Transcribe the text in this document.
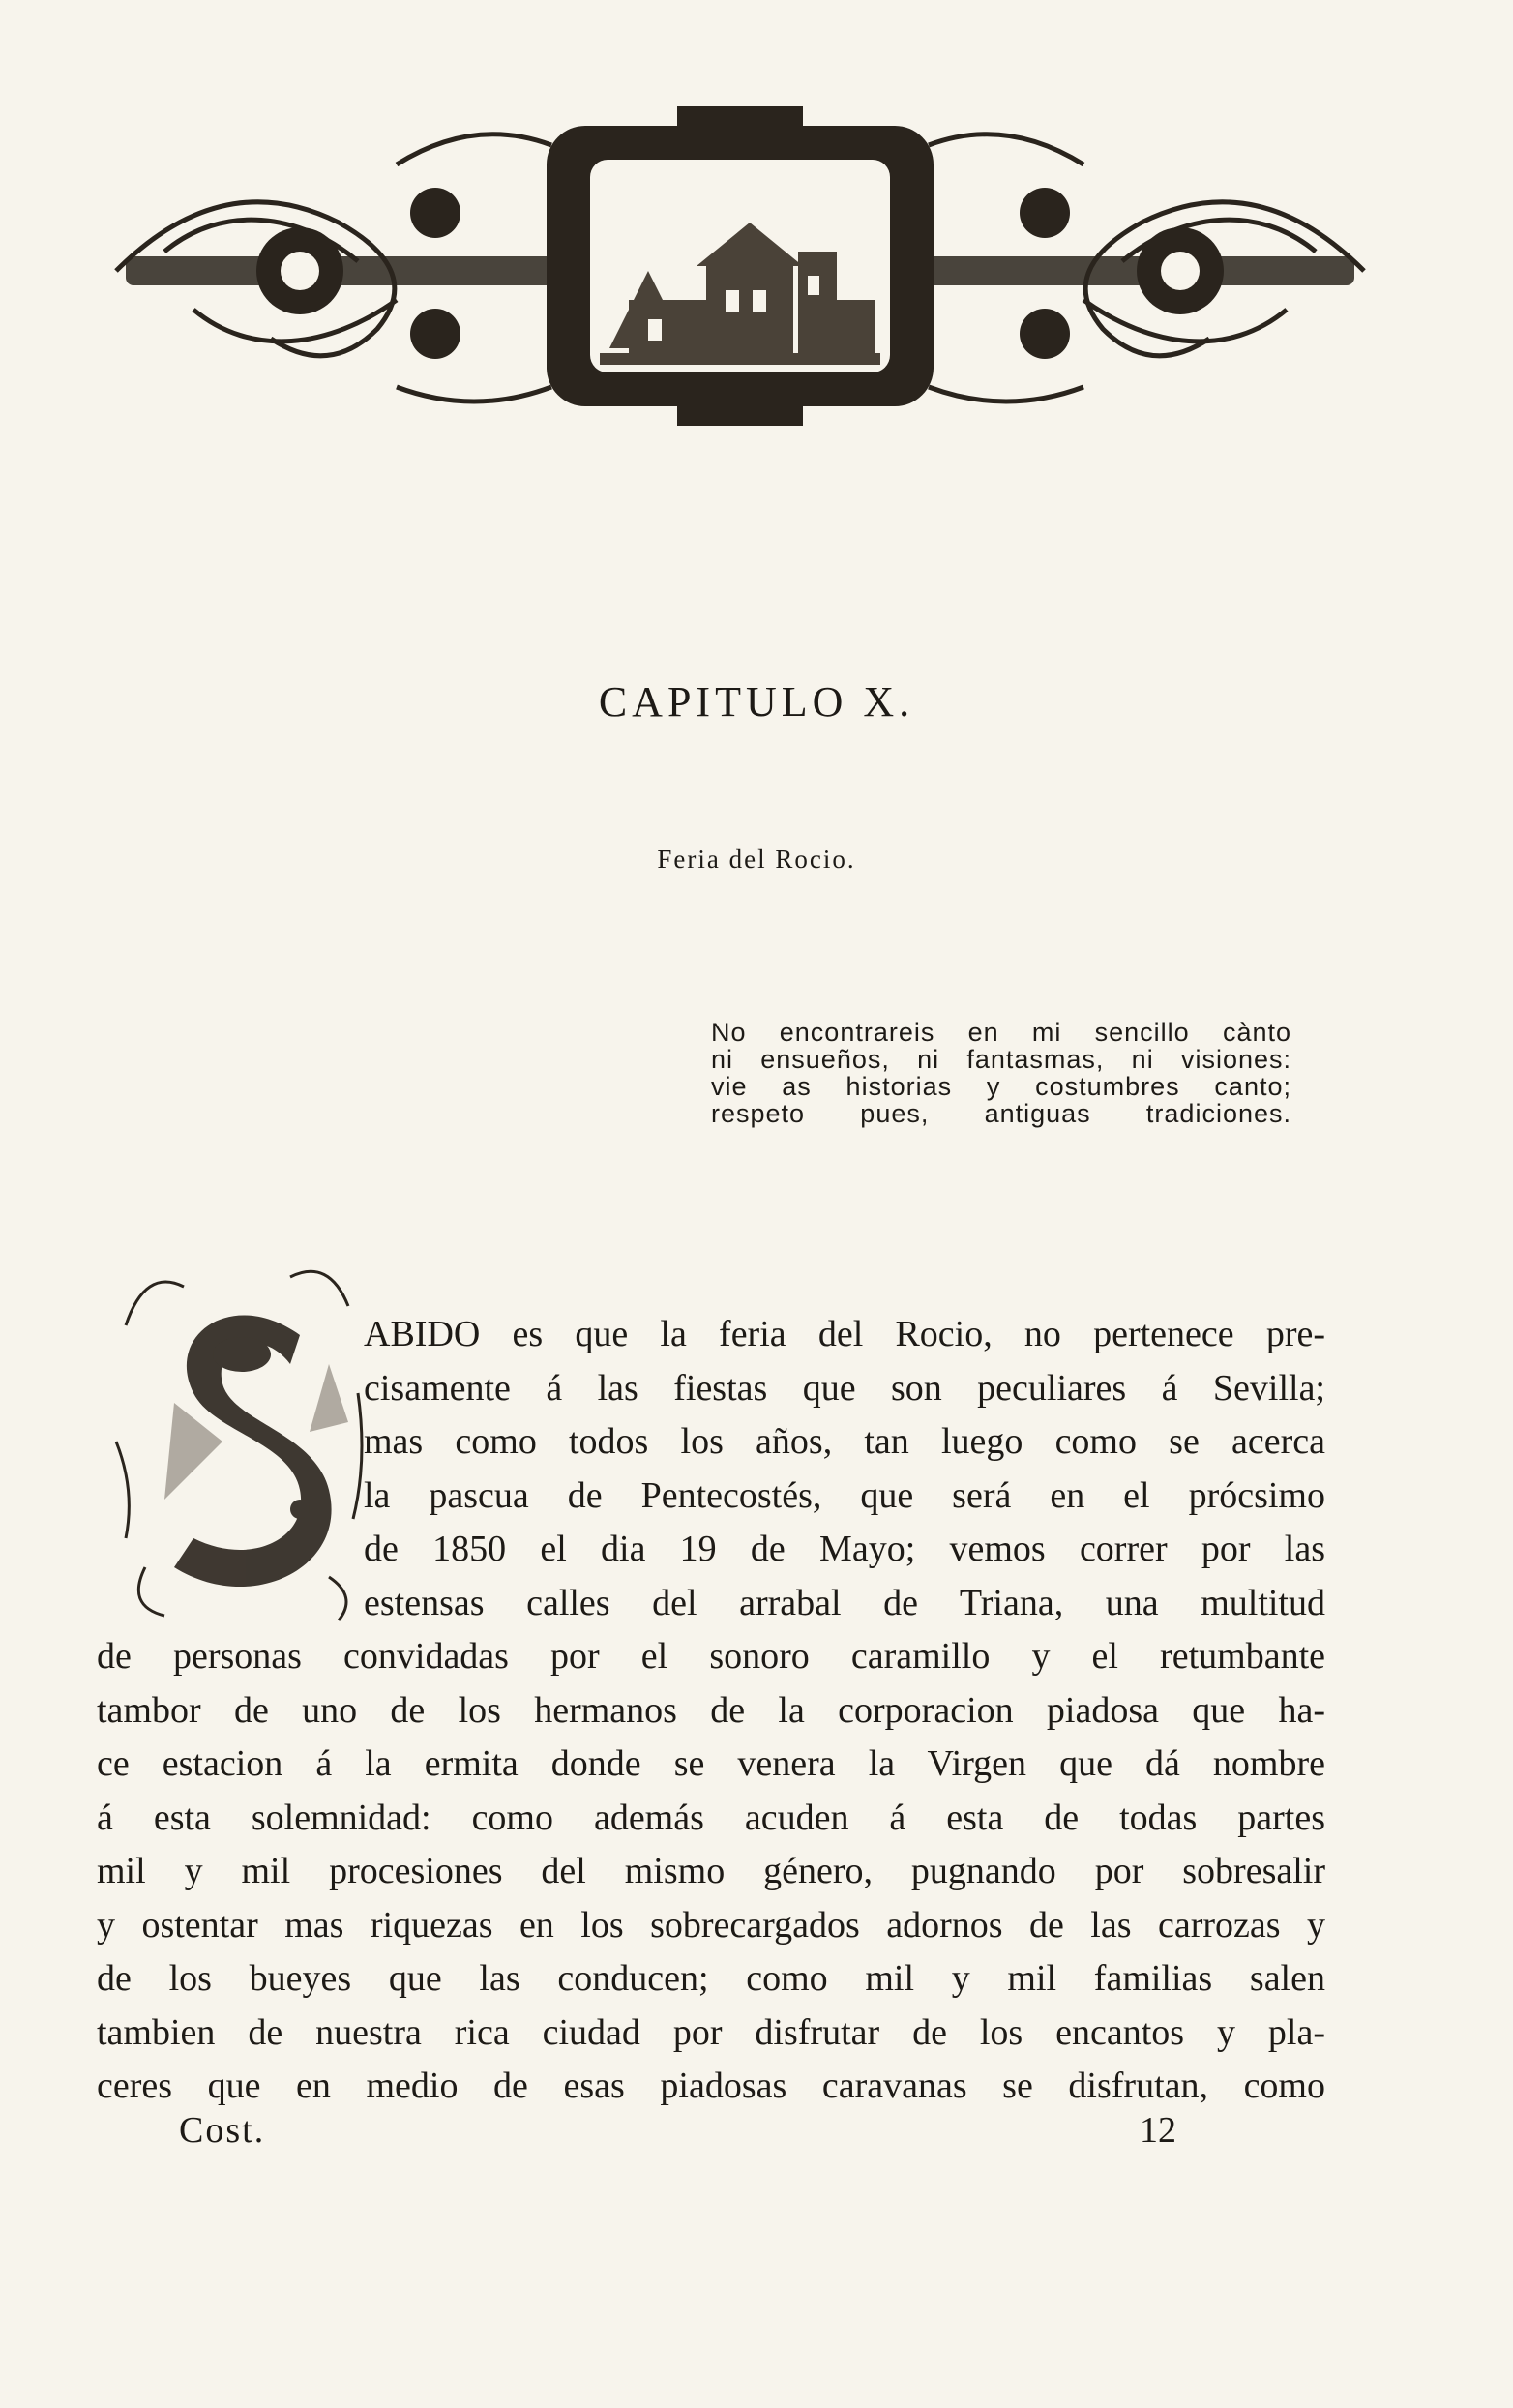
CAPITULO X.
Feria del Rocio.
No encontrareis en mi sencillo cànto
ni ensueños, ni fantasmas, ni visiones:
vie as historias y costumbres canto;
respeto pues, antiguas tradiciones.
ABIDO es que la feria del Rocio, no pertenece pre-
cisamente á las fiestas que son peculiares á Sevilla;
mas como todos los años, tan luego como se acerca
la pascua de Pentecostés, que será en el prócsimo
de 1850 el dia 19 de Mayo; vemos correr por las
estensas calles del arrabal de Triana, una multitud
de personas convidadas por el sonoro caramillo y el retumbante
tambor de uno de los hermanos de la corporacion piadosa que ha-
ce estacion á la ermita donde se venera la Virgen que dá nombre
á esta solemnidad: como además acuden á esta de todas partes
mil y mil procesiones del mismo género, pugnando por sobresalir
y ostentar mas riquezas en los sobrecargados adornos de las carrozas y
de los bueyes que las conducen; como mil y mil familias salen
tambien de nuestra rica ciudad por disfrutar de los encantos y pla-
ceres que en medio de esas piadosas caravanas se disfrutan, como
Cost.	12
